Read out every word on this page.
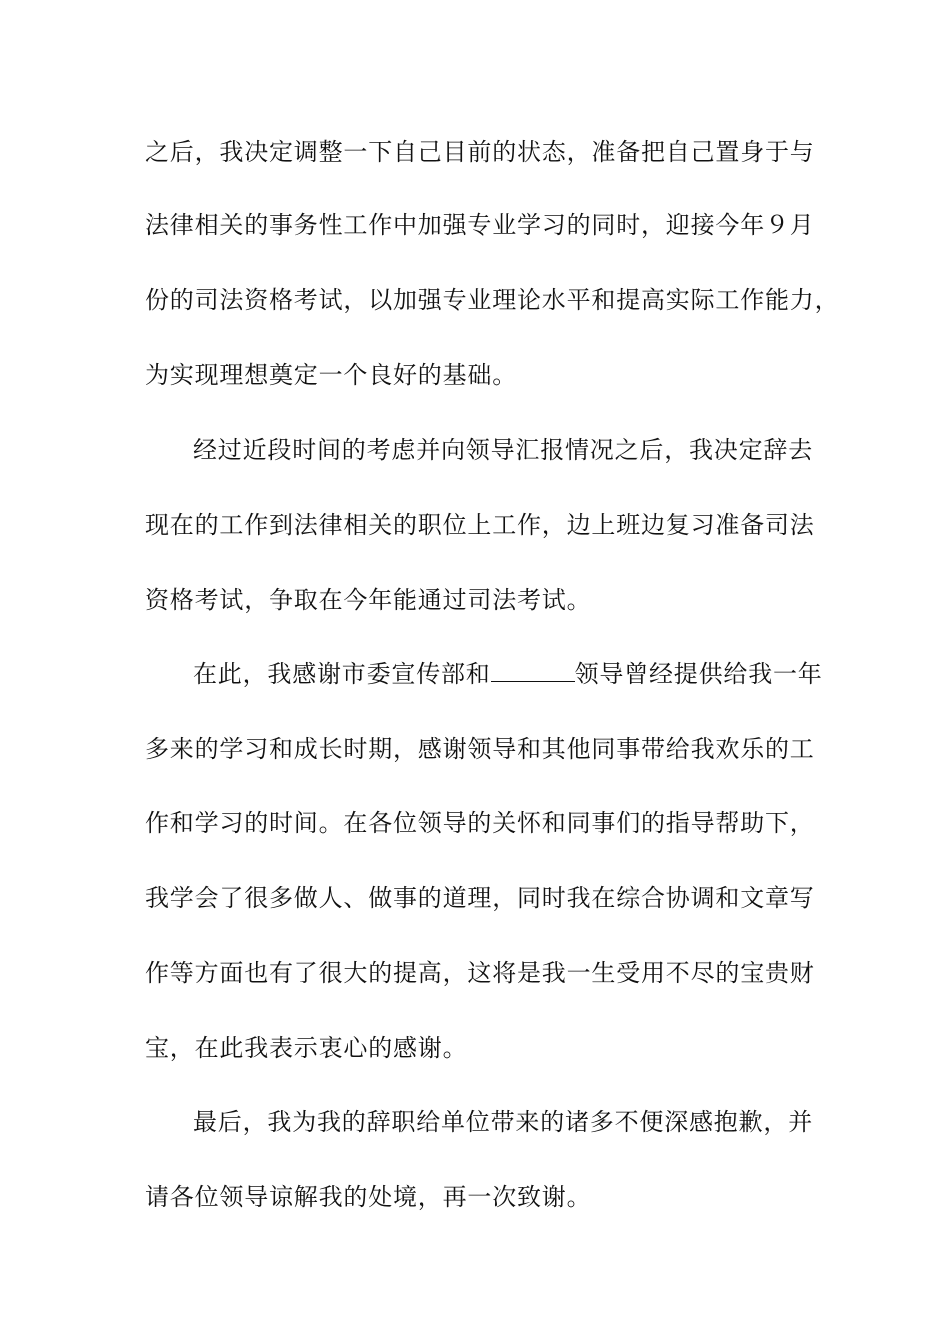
之后，我决定调整一下自己目前的状态，准备把自己置身于与
法律相关的事务性工作中加强专业学习的同时，迎接今年９月
份的司法资格考试，以加强专业理论水平和提高实际工作能力，
为实现理想奠定一个良好的基础。
经过近段时间的考虑并向领导汇报情况之后，我决定辞去
现在的工作到法律相关的职位上工作，边上班边复习准备司法
资格考试，争取在今年能通过司法考试。
在此，我感谢市委宣传部和	领导曾经提供给我一年
多来的学习和成长时期，感谢领导和其他同事带给我欢乐的工
作和学习的时间。在各位领导的关怀和同事们的指导帮助下，
我学会了很多做人、做事的道理，同时我在综合协调和文章写
作等方面也有了很大的提高，这将是我一生受用不尽的宝贵财
宝，在此我表示衷心的感谢。
最后，我为我的辞职给单位带来的诸多不便深感抱歉，并
请各位领导谅解我的处境，再一次致谢。
